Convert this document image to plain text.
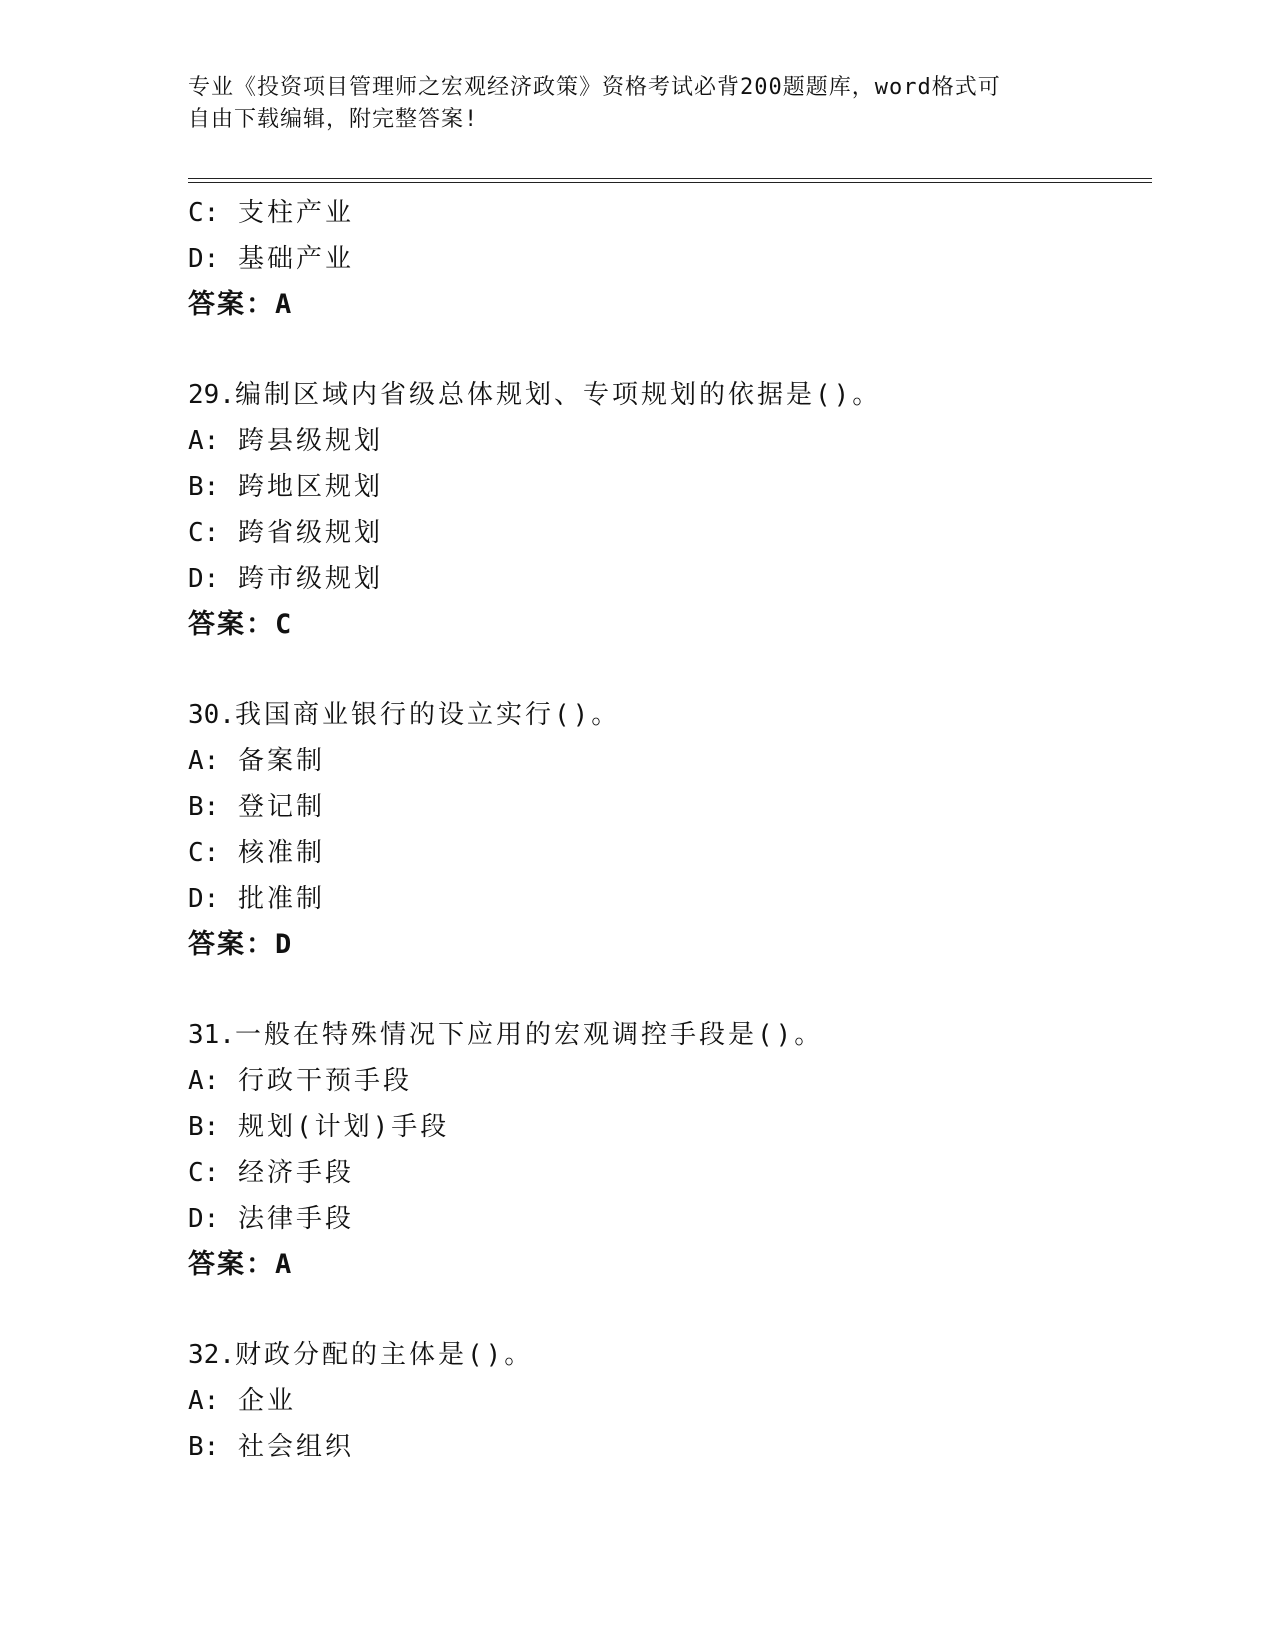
专业《投资项目管理师之宏观经济政策》资格考试必背200题题库，word格式可
自由下载编辑，附完整答案!
C: 支柱产业
D: 基础产业
答案：A
29.编制区域内省级总体规划、专项规划的依据是()。
A: 跨县级规划
B: 跨地区规划
C: 跨省级规划
D: 跨市级规划
答案：C
30.我国商业银行的设立实行()。
A: 备案制
B: 登记制
C: 核准制
D: 批准制
答案：D
31.一般在特殊情况下应用的宏观调控手段是()。
A: 行政干预手段
B: 规划(计划)手段
C: 经济手段
D: 法律手段
答案：A
32.财政分配的主体是()。
A: 企业
B: 社会组织
